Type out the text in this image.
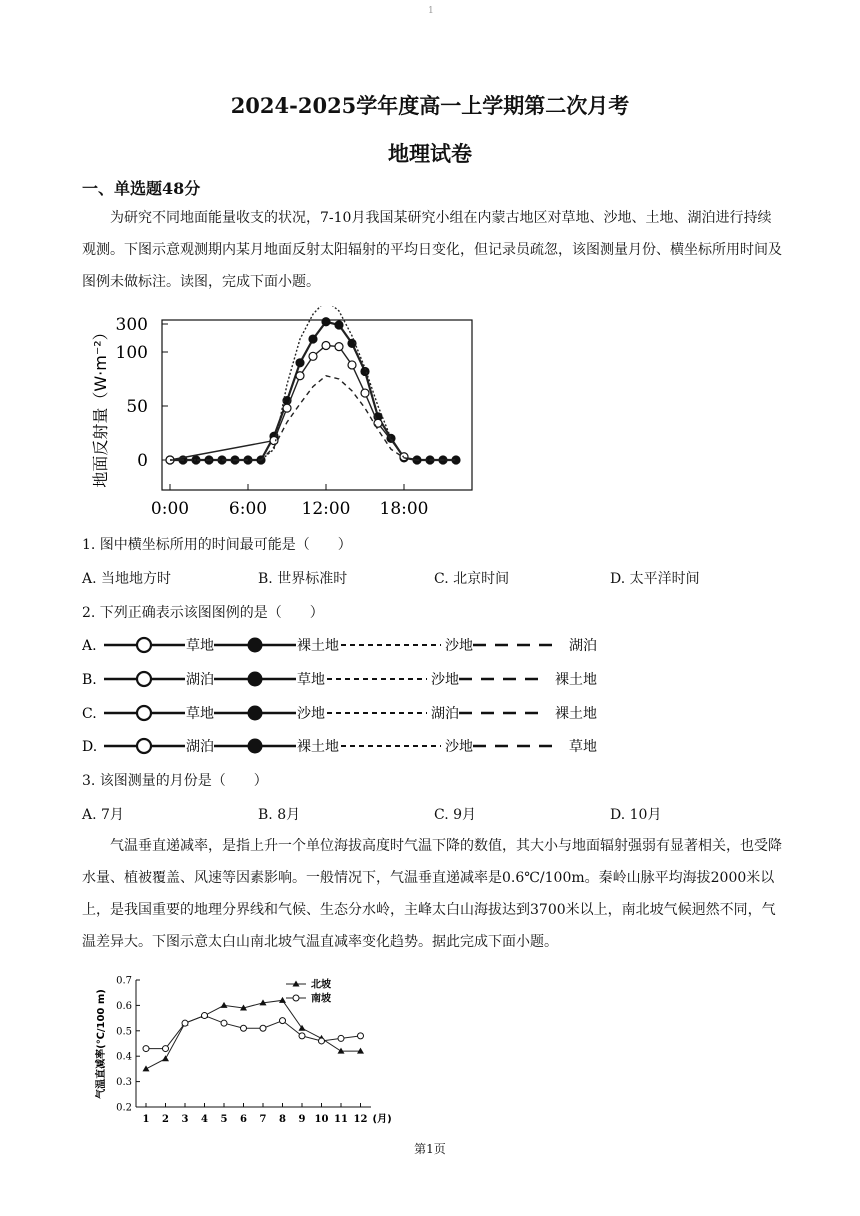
1
2024-2025学年度高一上学期第二次月考
地理试卷
一、单选题48分
为研究不同地面能量收支的状况，7-10月我国某研究小组在内蒙古地区对草地、沙地、土地、湖泊进行持续观测。下图示意观测期内某月地面反射太阳辐射的平均日变化，但记录员疏忽，该图测量月份、横坐标所用时间及图例未做标注。读图，完成下面小题。
0
50
100
300
0:00 6:00 12:00 18:00
地面反射量（W·m⁻²）
1. 图中横坐标所用的时间最可能是（　　）
A. 当地地方时	B. 世界标准时	C. 北京时间	D. 太平洋时间
2. 下列正确表示该图图例的是（　　）
A.	草地	裸土地	沙地	湖泊
B.	湖泊	草地	沙地	裸土地
C.	草地	沙地	湖泊	裸土地
D.	湖泊	裸土地	沙地	草地
3. 该图测量的月份是（　　）
A. 7月	B. 8月	C. 9月	D. 10月
气温垂直递减率，是指上升一个单位海拔高度时气温下降的数值，其大小与地面辐射强弱有显著相关，也受降水量、植被覆盖、风速等因素影响。一般情况下，气温垂直递减率是0.6℃/100m。秦岭山脉平均海拔2000米以上，是我国重要的地理分界线和气候、生态分水岭，主峰太白山海拔达到3700米以上，南北坡气候迥然不同，气温差异大。下图示意太白山南北坡气温直减率变化趋势。据此完成下面小题。
0.2
0.3
0.4
0.5
0.6
0.7
1 2 3 4 5 6 7 8 9 10 11 12 (月)
北坡
南坡
气温直减率(℃/100 m)
第1页
